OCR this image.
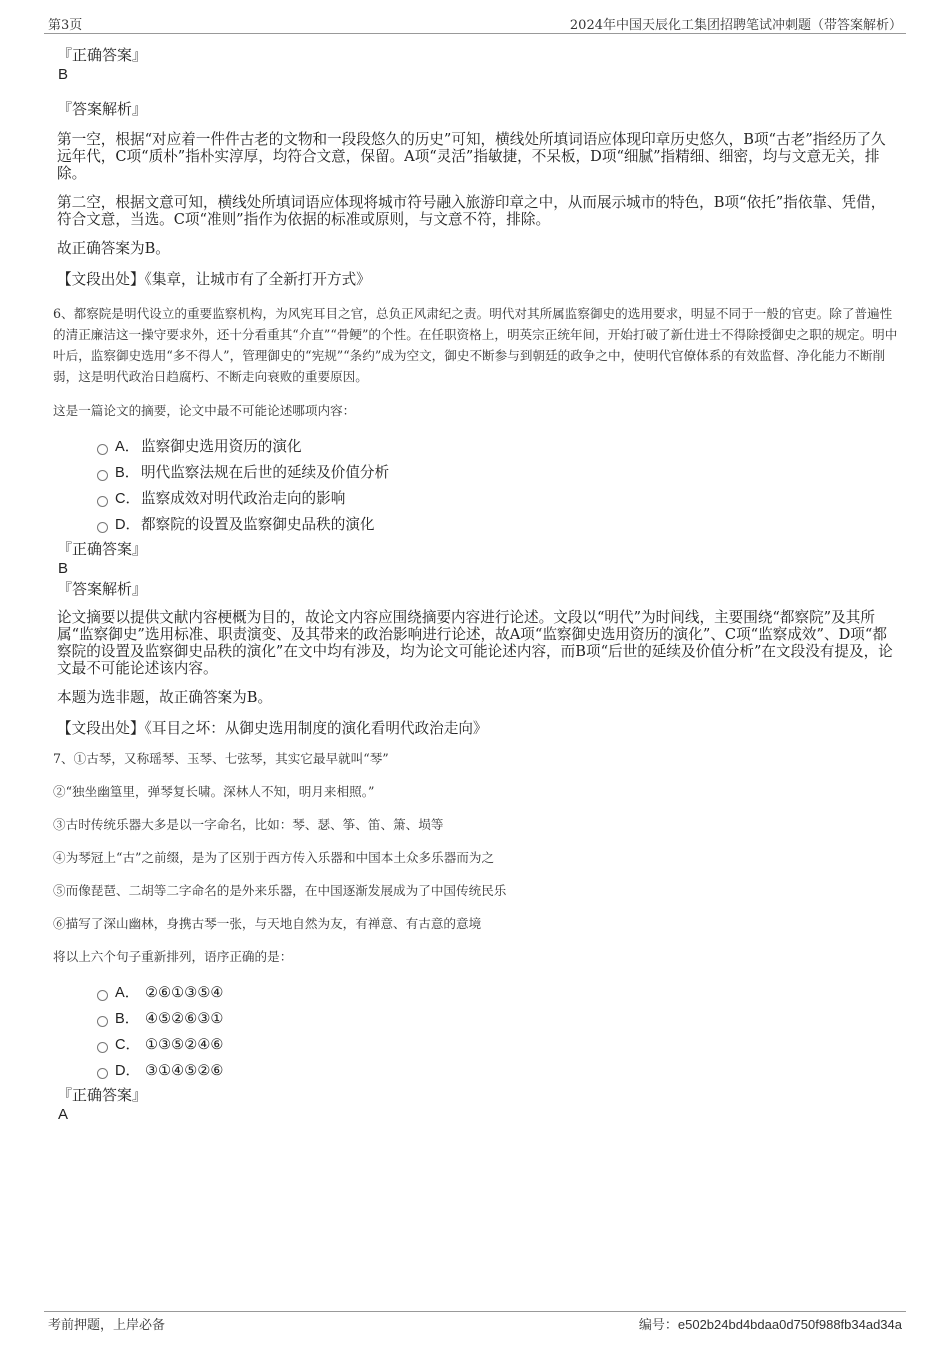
第3页	2024年中国天辰化工集团招聘笔试冲刺题（带答案解析）
『正确答案』
B
『答案解析』

第一空，根据“对应着一件件古老的文物和一段段悠久的历史”可知，横线处所填词语应体现印章历史悠久，B项“古老”指经历了久远年代，C项“质朴”指朴实淳厚，均符合文意，保留。A项“灵活”指敏捷，不呆板，D项“细腻”指精细、细密，均与文意无关，排除。

第二空，根据文意可知，横线处所填词语应体现将城市符号融入旅游印章之中，从而展示城市的特色，B项“依托”指依靠、凭借，符合文意，当选。C项“准则”指作为依据的标准或原则，与文意不符，排除。

故正确答案为B。

【文段出处】《集章，让城市有了全新打开方式》

6、都察院是明代设立的重要监察机构，为风宪耳目之官，总负正风肃纪之责。明代对其所属监察御史的选用要求，明显不同于一般的官吏。除了普遍性的清正廉洁这一操守要求外，还十分看重其“介直”“骨鲠”的个性。在任职资格上，明英宗正统年间，开始打破了新仕进士不得除授御史之职的规定。明中叶后，监察御史选用“多不得人”，管理御史的“宪规”“条约”成为空文，御史不断参与到朝廷的政争之中，使明代官僚体系的有效监督、净化能力不断削弱，这是明代政治日趋腐朽、不断走向衰败的重要原因。

这是一篇论文的摘要，论文中最不可能论述哪项内容：

A． 监察御史选用资历的演化
B． 明代监察法规在后世的延续及价值分析
C． 监察成效对明代政治走向的影响
D． 都察院的设置及监察御史品秩的演化
『正确答案』
B
『答案解析』

论文摘要以提供文献内容梗概为目的，故论文内容应围绕摘要内容进行论述。文段以“明代”为时间线，主要围绕“都察院”及其所属“监察御史”选用标准、职责演变、及其带来的政治影响进行论述，故A项“监察御史选用资历的演化”、C项“监察成效”、D项“都察院的设置及监察御史品秩的演化”在文中均有涉及，均为论文可能论述内容，而B项“后世的延续及价值分析”在文段没有提及，论文最不可能论述该内容。

本题为选非题，故正确答案为B。

【文段出处】《耳目之坏：从御史选用制度的演化看明代政治走向》
7、①古琴，又称瑶琴、玉琴、七弦琴，其实它最早就叫“琴”
②“独坐幽篁里，弹琴复长啸。深林人不知，明月来相照。”
③古时传统乐器大多是以一字命名，比如：琴、瑟、筝、笛、箫、埙等
④为琴冠上“古”之前缀，是为了区别于西方传入乐器和中国本土众多乐器而为之
⑤而像琵琶、二胡等二字命名的是外来乐器，在中国逐渐发展成为了中国传统民乐
⑥描写了深山幽林，身携古琴一张，与天地自然为友，有禅意、有古意的意境
将以上六个句子重新排列，语序正确的是：
A． ②⑥①③⑤④
B． ④⑤②⑥③①
C． ①③⑤②④⑥
D． ③①④⑤②⑥
『正确答案』
A
考前押题，上岸必备	编号：e502b24bd4bdaa0d750f988fb34ad34a
